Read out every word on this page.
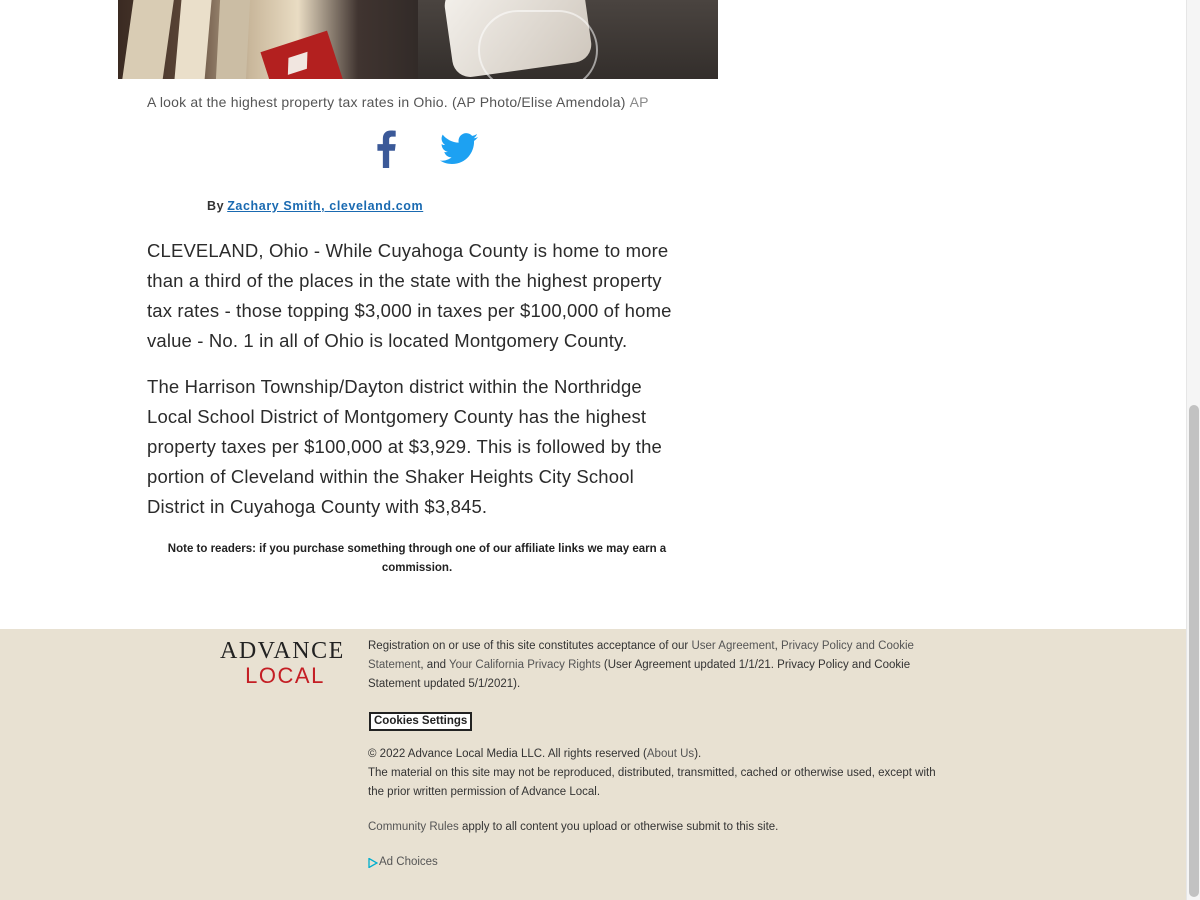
A look at the highest property tax rates in Ohio. (AP Photo/Elise Amendola) AP
By Zachary Smith, cleveland.com

CLEVELAND, Ohio - While Cuyahoga County is home to more than a third of the places in the state with the highest property tax rates - those topping $3,000 in taxes per $100,000 of home value - No. 1 in all of Ohio is located Montgomery County.

The Harrison Township/Dayton district within the Northridge Local School District of Montgomery County has the highest property taxes per $100,000 at $3,929. This is followed by the portion of Cleveland within the Shaker Heights City School District in Cuyahoga County with $3,845.

Note to readers: if you purchase something through one of our affiliate links we may earn a commission.
ADVANCE
LOCAL
Registration on or use of this site constitutes acceptance of our User Agreement, Privacy Policy and Cookie Statement, and Your California Privacy Rights (User Agreement updated 1/1/21. Privacy Policy and Cookie Statement updated 5/1/2021).
Cookies Settings
© 2022 Advance Local Media LLC. All rights reserved (About Us).
The material on this site may not be reproduced, distributed, transmitted, cached or otherwise used, except with the prior written permission of Advance Local.
Community Rules apply to all content you upload or otherwise submit to this site.
Ad Choices
